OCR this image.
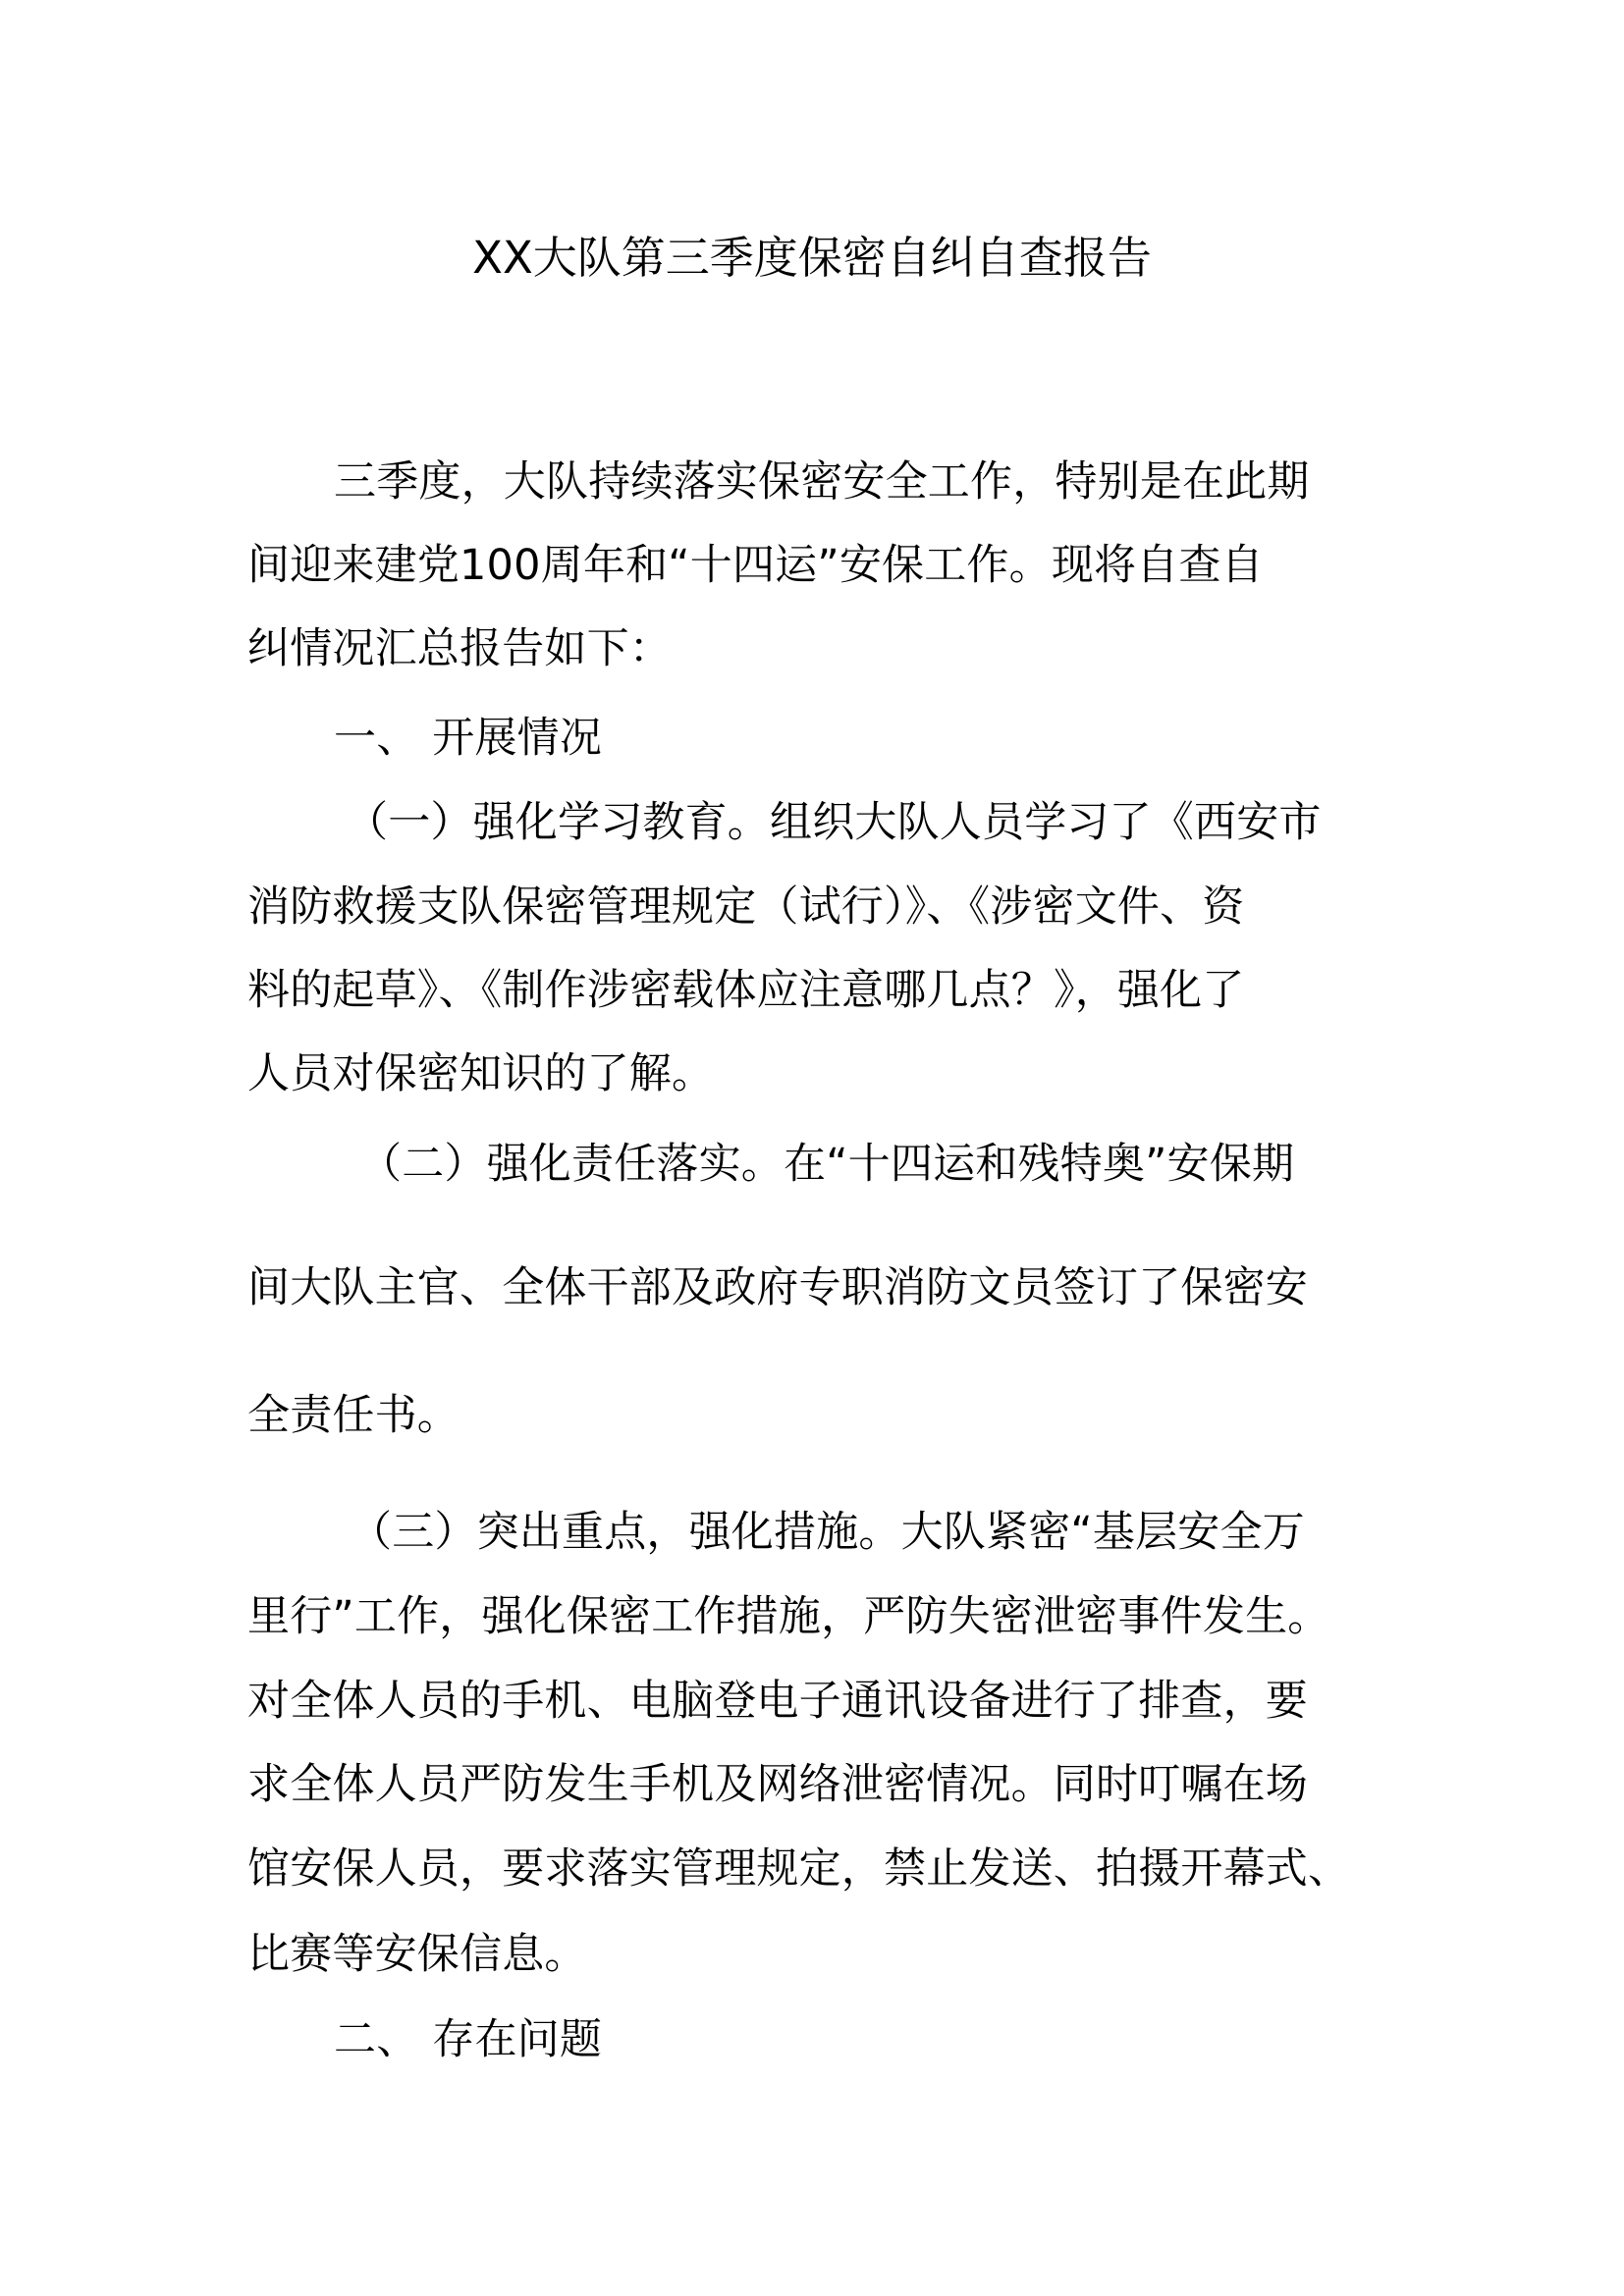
XX大队第三季度保密自纠自查报告
三季度，大队持续落实保密安全工作，特别是在此期
间迎来建党100周年和“十四运”安保工作。现将自查自
纠情况汇总报告如下：
一、 开展情况
（一）强化学习教育。组织大队人员学习了《西安市
消防救援支队保密管理规定（试行）》、《涉密文件、资
料的起草》、《制作涉密载体应注意哪几点？》，强化了
人员对保密知识的了解。
（二）强化责任落实。在“十四运和残特奥”安保期
间大队主官、全体干部及政府专职消防文员签订了保密安
全责任书。
（三）突出重点，强化措施。大队紧密“基层安全万
里行”工作，强化保密工作措施，严防失密泄密事件发生。
对全体人员的手机、电脑登电子通讯设备进行了排查，要
求全体人员严防发生手机及网络泄密情况。同时叮嘱在场
馆安保人员，要求落实管理规定，禁止发送、拍摄开幕式、
比赛等安保信息。
二、 存在问题
